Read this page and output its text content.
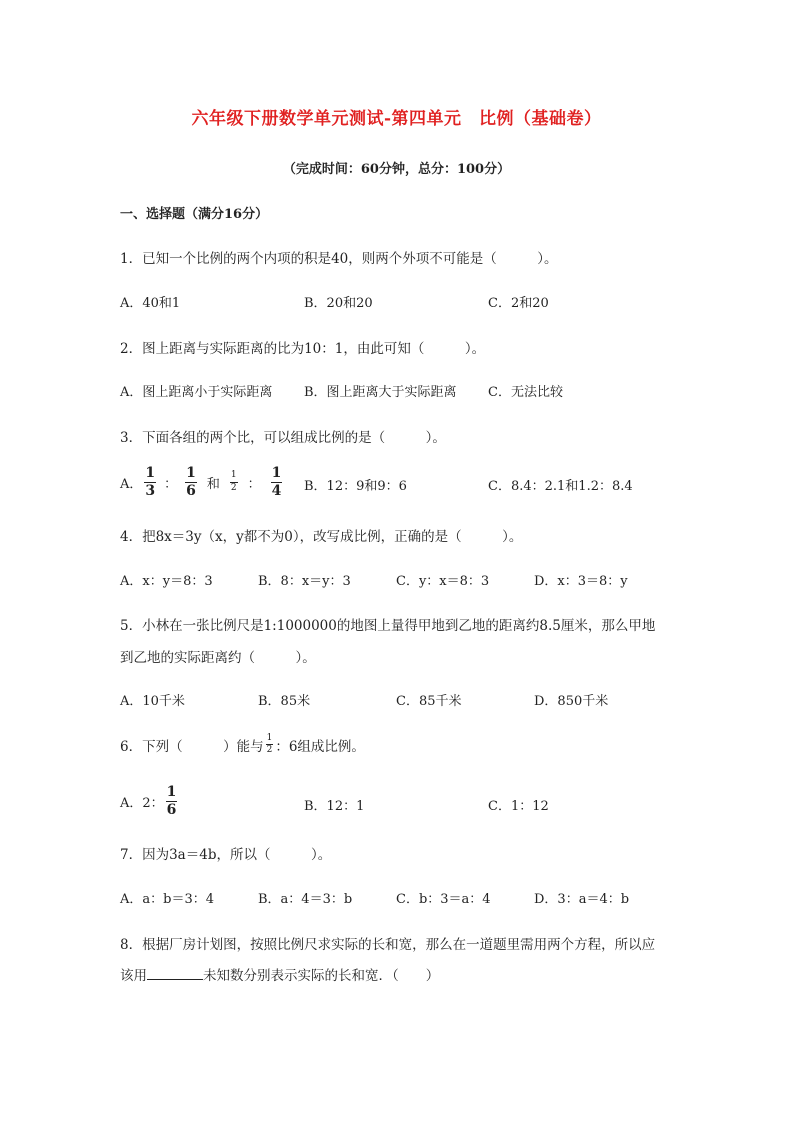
六年级下册数学单元测试-第四单元　比例（基础卷）
（完成时间：60分钟，总分：100分）
一、选择题（满分16分）
1．已知一个比例的两个内项的积是40，则两个外项不可能是（　　　）。
A．40和1	B．20和20	C．2和20
2．图上距离与实际距离的比为10：1，由此可知（　　　）。
A．图上距离小于实际距离 B．图上距离大于实际距离 C．无法比较
3．下面各组的两个比，可以组成比例的是（　　　）。
A． $\frac{1}{3}$ ： $\frac{1}{6}$ 和 $\frac{1}{2}$ ： $\frac{1}{4}$ B．12：9和9：6	C．8.4：2.1和1.2：8.4
4．把8x＝3y（x，y都不为0），改写成比例，正确的是（　　　）。
A．x：y＝8：3	B．8：x＝y：3	C．y：x＝8：3	D．x：3＝8：y
5．小林在一张比例尺是1:1000000的地图上量得甲地到乙地的距离约8.5厘米，那么甲地
到乙地的实际距离约（　　　）。
A．10千米	B．85米	C．85千米	D．850千米
6．下列（　　　）能与 $\frac{1}{2}$ ：6组成比例。
A．2： $\frac{1}{6}$	B．12：1	C．1：12
7．因为3a＝4b，所以（　　　）。
A．a：b＝3：4	B．a：4＝3：b	C．b：3＝a：4	D．3：a＝4：b
8．根据厂房计划图，按照比例尺求实际的长和宽，那么在一道题里需用两个方程，所以应
该用	未知数分别表示实际的长和宽．（　　）
